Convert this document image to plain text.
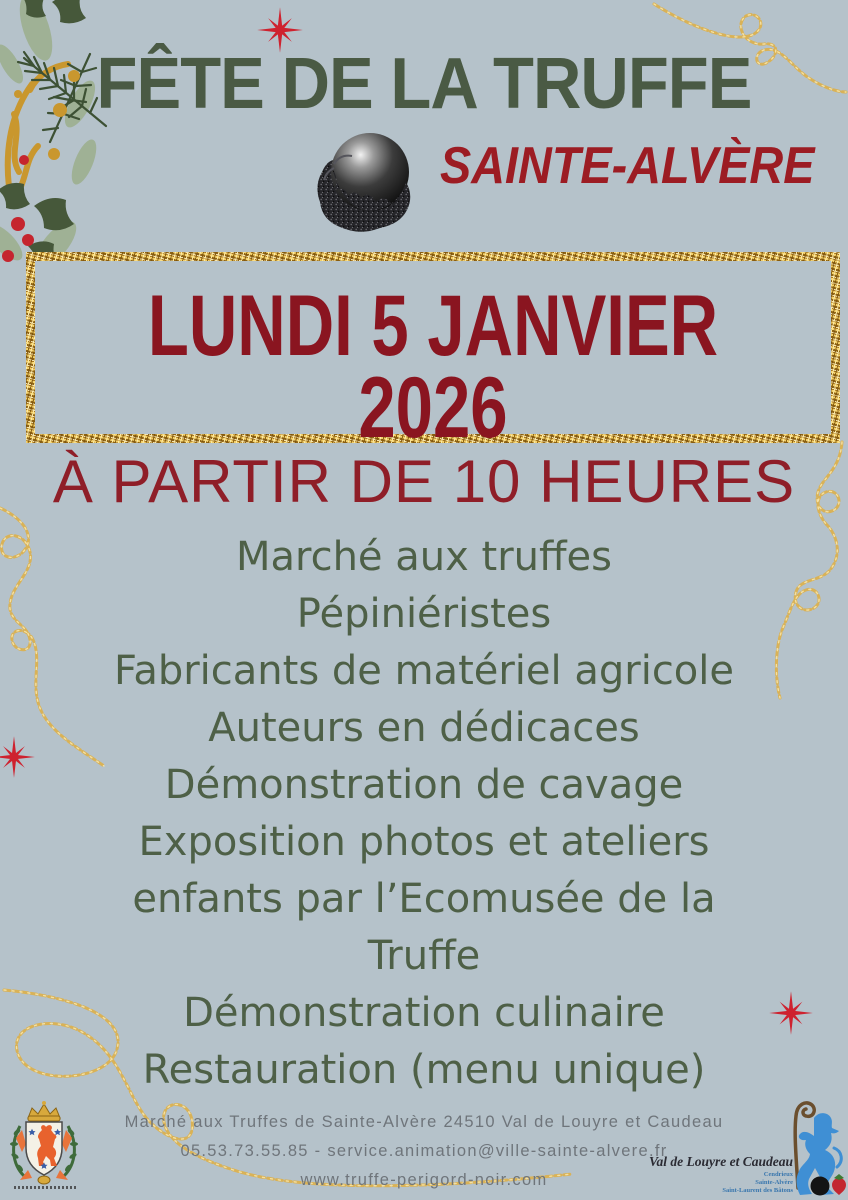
FÊTE DE LA TRUFFE
SAINTE-ALVÈRE
LUNDI 5 JANVIER
2026
À PARTIR DE 10 HEURES
Marché aux truffes
Pépiniéristes
Fabricants de matériel agricole
Auteurs en dédicaces
Démonstration de cavage
Exposition photos et ateliers
enfants par l’Ecomusée de la
Truffe
Démonstration culinaire
Restauration (menu unique)
Marché aux Truffes de Sainte-Alvère 24510 Val de Louyre et Caudeau
05.53.73.55.85 - service.animation@ville-sainte-alvere.fr
www.truffe-perigord-noir.com
Val de Louyre et Caudeau
Cendrieux
Sainte-Alvère
Saint-Laurent des Bâtons
